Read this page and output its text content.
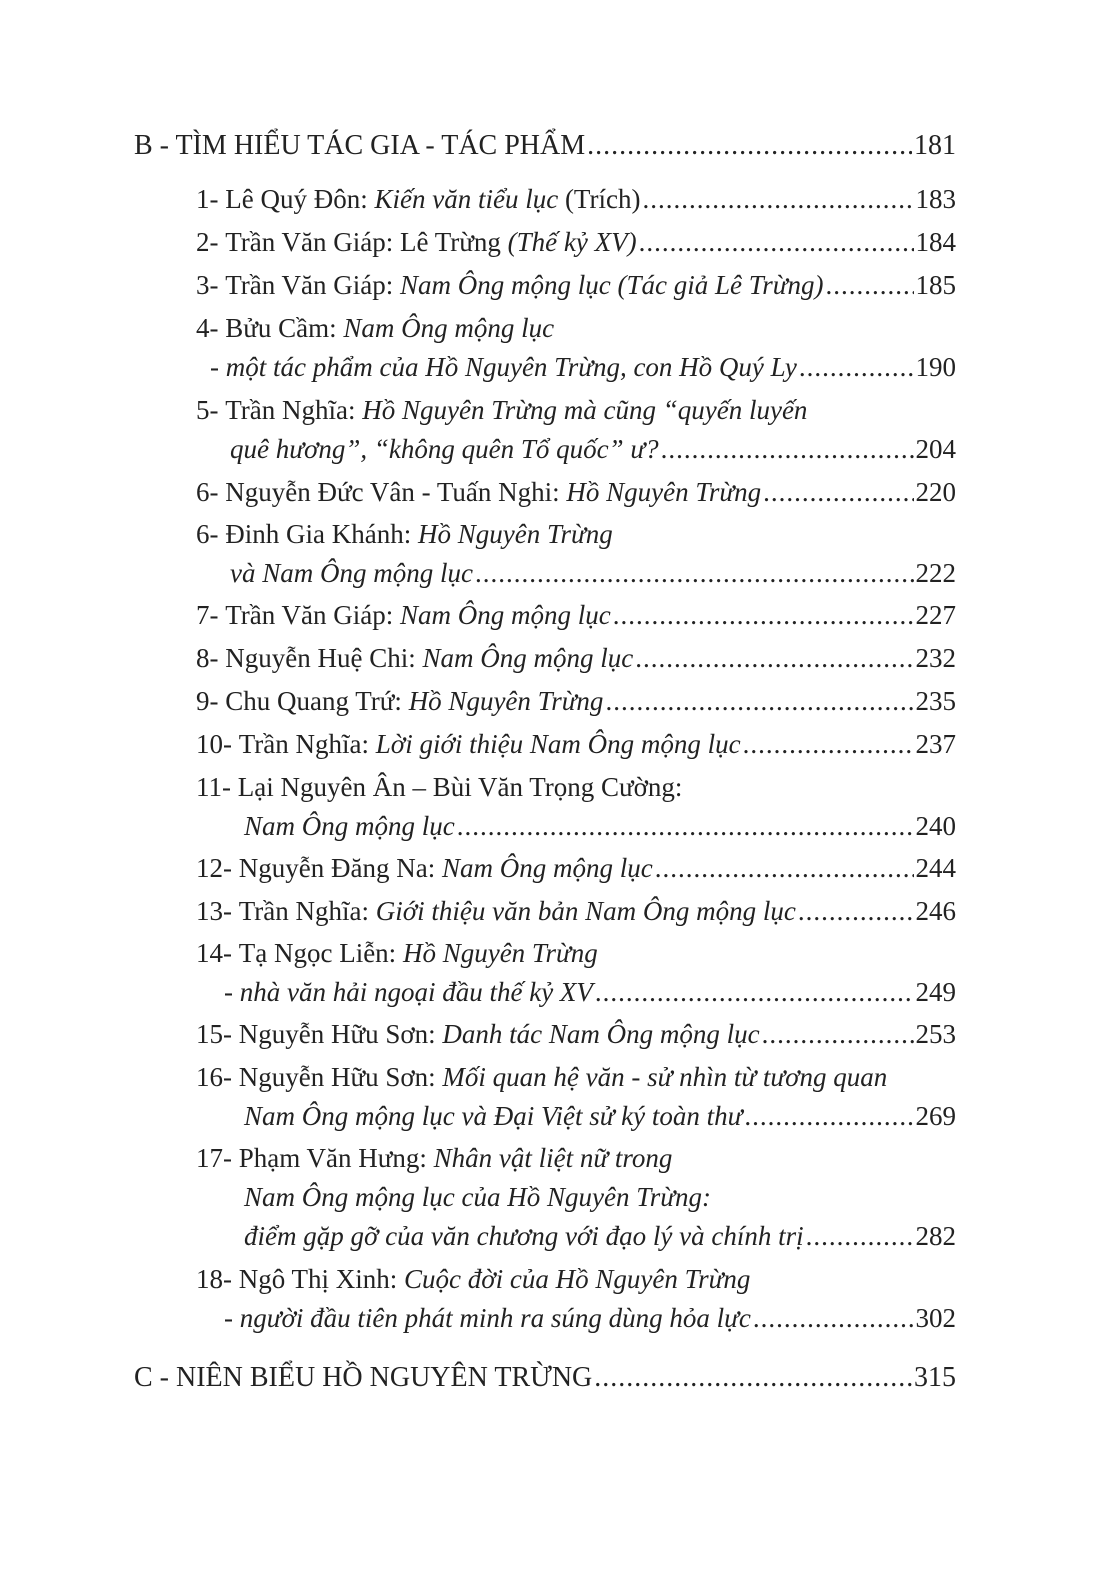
B - TÌM HIỂU TÁC GIA - TÁC PHẨM .....	181
1-
Lê Quý Đôn:
Kiến văn tiểu lục
(Trích) .....	183
2-
Trần Văn Giáp:
Lê Trừng
(Thế kỷ XV) .....	184
3-
Trần Văn Giáp:
Nam Ông mộng lục (Tác giả Lê Trừng) .....	185
4-
Bửu Cầm:
Nam Ông mộng lục
- một tác phẩm của Hồ Nguyên Trừng, con Hồ Quý Ly .....	190
5-
Trần Nghĩa:
Hồ Nguyên Trừng mà cũng “quyến luyến
quê hương”, “không quên Tổ quốc” ư? .....	204
6-
Nguyễn Đức Vân - Tuấn Nghi:
Hồ Nguyên Trừng .....	220
6-
Đinh Gia Khánh:
Hồ Nguyên Trừng
và Nam Ông mộng lục .....	222
7-
Trần Văn Giáp:
Nam Ông mộng lục .....	227
8-
Nguyễn Huệ Chi:
Nam Ông mộng lục .....	232
9-
Chu Quang Trứ:
Hồ Nguyên Trừng .....	235
10-
Trần Nghĩa:
Lời giới thiệu Nam Ông mộng lục .....	237
11-
Lại Nguyên Ân – Bùi Văn Trọng Cường:
Nam Ông mộng lục .....	240
12-
Nguyễn Đăng Na:
Nam Ông mộng lục .....	244
13-
Trần Nghĩa:
Giới thiệu văn bản Nam Ông mộng lục .....	246
14-
Tạ Ngọc Liễn:
Hồ Nguyên Trừng
- nhà văn hải ngoại đầu thế kỷ XV .....	249
15-
Nguyễn Hữu Sơn:
Danh tác Nam Ông mộng lục .....	253
16-
Nguyễn Hữu Sơn:
Mối quan hệ văn - sử nhìn từ tương quan
Nam Ông mộng lục và Đại Việt sử ký toàn thư .....	269
17-
Phạm Văn Hưng:
Nhân vật liệt nữ trong
Nam Ông mộng lục của Hồ Nguyên Trừng:
điểm gặp gỡ của văn chương với đạo lý và chính trị .....	282
18-
Ngô Thị Xinh:
Cuộc đời của Hồ Nguyên Trừng
- người đầu tiên phát minh ra súng dùng hỏa lực .....	302
C - NIÊN BIỂU HỒ NGUYÊN TRỪNG .....	315
